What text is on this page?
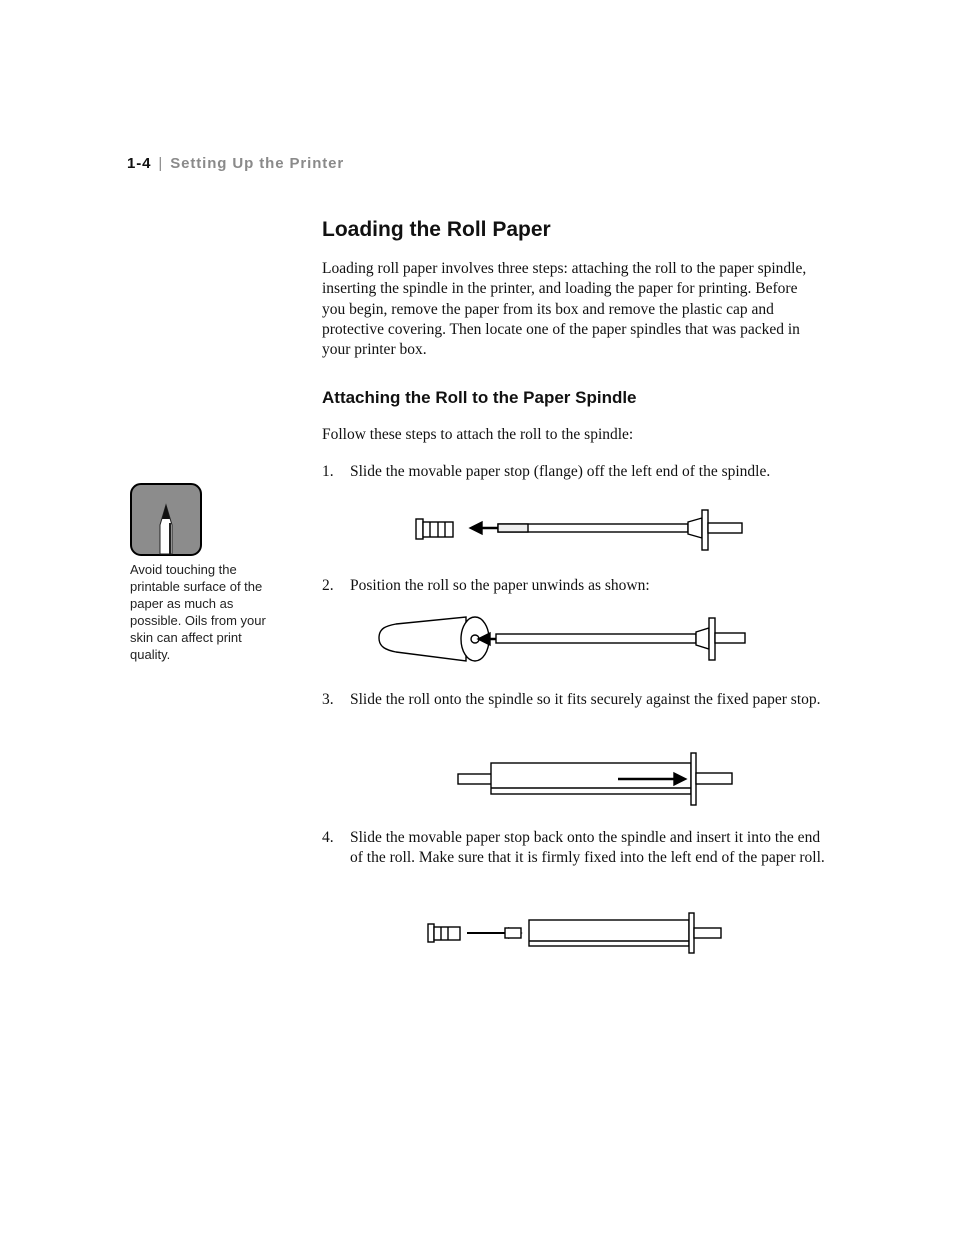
1-4 | Setting Up the Printer
Loading the Roll Paper

Loading roll paper involves three steps: attaching the roll to the paper spindle, inserting the spindle in the printer, and loading the paper for printing. Before you begin, remove the paper from its box and remove the plastic cap and protective covering. Then locate one of the paper spindles that was packed in your printer box.

Attaching the Roll to the Paper Spindle

Follow these steps to attach the roll to the spindle:

1. Slide the movable paper stop (flange) off the left end of the spindle.
Avoid touching the printable surface of the paper as much as possible. Oils from your skin can affect print quality.
2. Position the roll so the paper unwinds as shown:
3. Slide the roll onto the spindle so it fits securely against the fixed paper stop.
4. Slide the movable paper stop back onto the spindle and insert it into the end of the roll. Make sure that it is firmly fixed into the left end of the paper roll.
